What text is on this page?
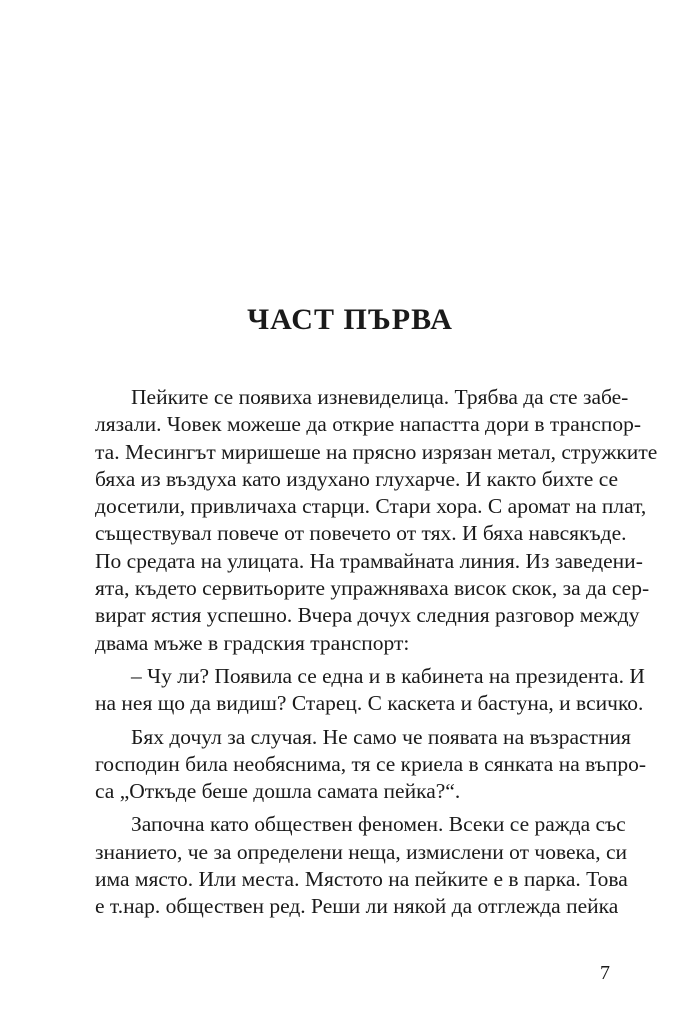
ЧАСТ ПЪРВА
Пейките се появиха изневиделица. Трябва да сте забе-
лязали. Човек можеше да открие напастта дори в транспор-
та. Месингът миришеше на прясно изрязан метал, стружките
бяха из въздуха като издухано глухарче. И както бихте се
досетили, привличаха старци. Стари хора. С аромат на плат,
съществувал повече от повечето от тях. И бяха навсякъде.
По средата на улицата. На трамвайната линия. Из заведени-
ята, където сервитьорите упражняваха висок скок, за да сер-
вират ястия успешно. Вчера дочух следния разговор между
двама мъже в градския транспорт:
– Чу ли? Появила се една и в кабинета на президента. И
на нея що да видиш? Старец. С каскета и бастуна, и всичко.
Бях дочул за случая. Не само че появата на възрастния
господин била необяснима, тя се криела в сянката на въпро-
са „Откъде беше дошла самата пейка?“.
Започна като обществен феномен. Всеки се ражда със
знанието, че за определени неща, измислени от човека, си
има място. Или места. Мястото на пейките е в парка. Това
е т.нар. обществен ред. Реши ли някой да отглежда пейка
7
